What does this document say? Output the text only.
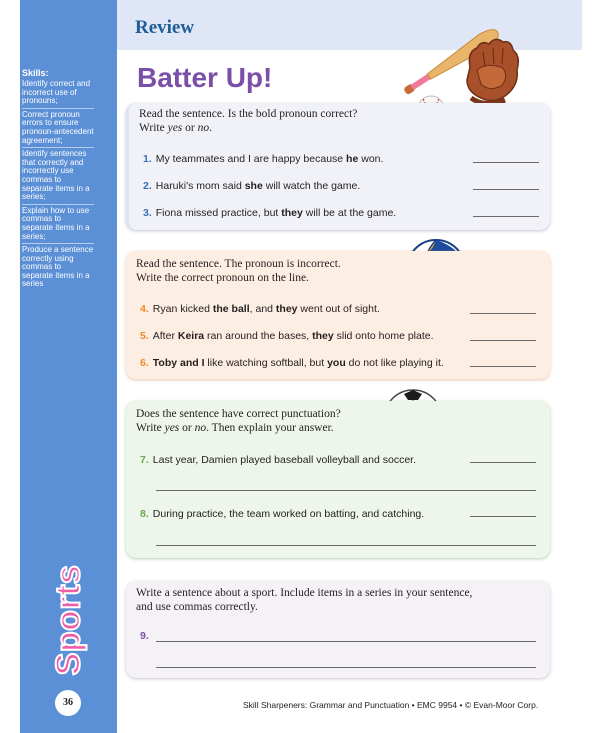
Skills:
Identify correct and incorrect use of pronouns;
Correct pronoun errors to ensure pronoun-antecedent agreement;
Identify sentences that correctly and incorrectly use commas to separate items in a series;
Explain how to use commas to separate items in a series;
Produce a sentence correctly using commas to separate items in a series
Sports
36
Review
Batter Up!
Read the sentence. Is the bold pronoun correct?
Write yes or no.
1. My teammates and I are happy because he won.
2. Haruki's mom said she will watch the game.
3. Fiona missed practice, but they will be at the game.
Read the sentence. The pronoun is incorrect.
Write the correct pronoun on the line.
4. Ryan kicked the ball, and they went out of sight.
5. After Keira ran around the bases, they slid onto home plate.
6. Toby and I like watching softball, but you do not like playing it.
Does the sentence have correct punctuation?
Write yes or no. Then explain your answer.
7. Last year, Damien played baseball volleyball and soccer.
8. During practice, the team worked on batting, and catching.
Write a sentence about a sport. Include items in a series in your sentence,
and use commas correctly.
9.
Skill Sharpeners: Grammar and Punctuation • EMC 9954 • © Evan-Moor Corp.
